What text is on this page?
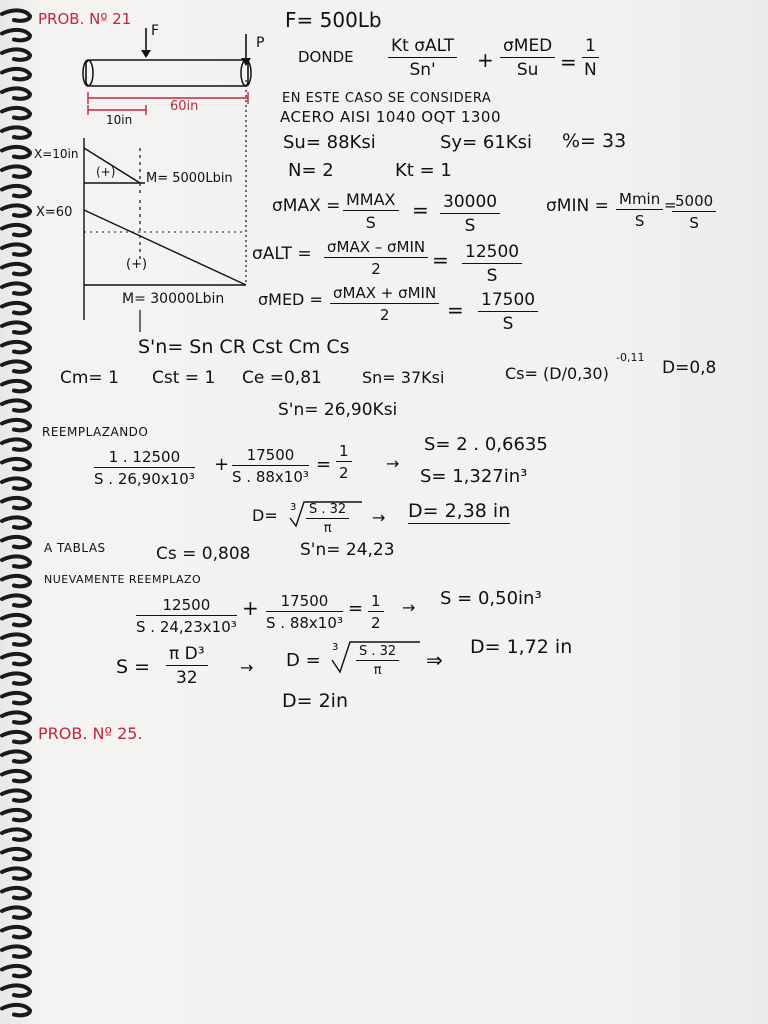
PROB. Nº 21	F= 500Lb
DONDE
Kt σALT
Sn'	+
σMED
Su	= $\frac{1}{N}$
60in
10in
F
P
X=10in
X=60
(+)
(+)
M= 5000Lbin
M= 30000Lbin
EN ESTE CASO SE CONSIDERA
ACERO AISI 1040 OQT 1300
Su= 88Ksi	Sy= 61Ksi %= 33
N= 2	Kt = 1
σMAX = MMAX
S
= $\frac{30000}{S}$	σMIN = Mmin
S	$\frac{5000}{S}$
=
σALT = σMAX – σMIN
2	= $\frac{12500}{S}$
σMED = σMAX + σMIN
2	= $\frac{17500}{S}$
S'n= Sn CR Cst Cm Cs
Cm= 1 Cst = 1 Ce =0,81	Sn= 37Ksi	Cs= (D/0,30)
-0,11
D=0,8
S'n= 26,90Ksi
REEMPLAZANDO
$\frac{1 . 12500}{\text{S . 26,90x10³}} + \frac{17500}{\text{S . 88x10³}} = \frac{1}{2}$ →
S= 2 . 0,6635
S= 1,327in³
$D= \frac{S . 32}{\pi}$
3
→ D= 2,38 in
A TABLAS	Cs = 0,808	S'n= 24,23
NUEVAMENTE REEMPLAZO
$\frac{12500}{\text{S . 24,23x10³}} + \frac{17500}{\text{S . 88x10³}} = \frac{1}{2} \to S = 0,50in^3$
$S = \frac{\text{π D³}}{32} \to D$ =
$3 \frac{S . 32}{\pi}$ ⇒
D= 1,72 in
D= 2in
PROB. Nº 25.
